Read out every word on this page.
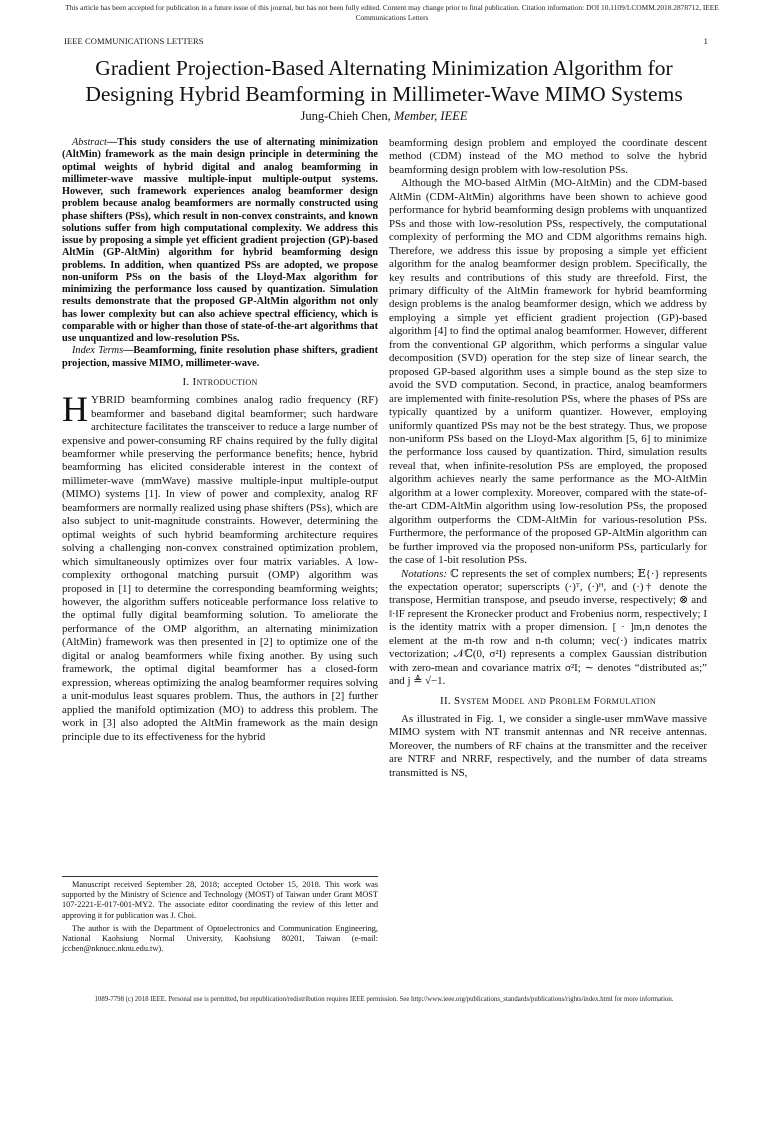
This article has been accepted for publication in a future issue of this journal, but has not been fully edited. Content may change prior to final publication. Citation information: DOI 10.1109/LCOMM.2018.2878712, IEEE Communications Letters
IEEE COMMUNICATIONS LETTERS	1
Gradient Projection-Based Alternating Minimization Algorithm for
Designing Hybrid Beamforming in Millimeter-Wave MIMO Systems
Jung-Chieh Chen, Member, IEEE

Abstract—This study considers the use of alternating minimization (AltMin) framework as the main design principle in determining the optimal weights of hybrid digital and analog beamforming in millimeter-wave massive multiple-input multiple-output systems. However, such framework experiences analog beamformer design problem because analog beamformers are normally constructed using phase shifters (PSs), which result in non-convex constraints, and known solutions suffer from high computational complexity. We address this issue by proposing a simple yet efficient gradient projection (GP)-based AltMin (GP-AltMin) algorithm for hybrid beamforming design problems. In addition, when quantized PSs are adopted, we propose non-uniform PSs on the basis of the Lloyd-Max algorithm for minimizing the performance loss caused by quantization. Simulation results demonstrate that the proposed GP-AltMin algorithm not only has lower complexity but can also achieve spectral efficiency, which is comparable with or higher than those of state-of-the-art algorithms that use unquantized and low-resolution PSs.

Index Terms—Beamforming, finite resolution phase shifters, gradient projection, massive MIMO, millimeter-wave.

I. Introduction

HYBRID beamforming combines analog radio frequency (RF) beamformer and baseband digital beamformer; such hardware architecture facilitates the transceiver to reduce a large number of expensive and power-consuming RF chains required by the fully digital beamformer while preserving the performance benefits; hence, hybrid beamforming has elicited considerable interest in the context of millimeter-wave (mmWave) massive multiple-input multiple-output (MIMO) systems [1]. In view of power and complexity, analog RF beamformers are normally realized using phase shifters (PSs), which are also subject to unit-magnitude constraints. However, determining the optimal weights of such hybrid beamforming architecture requires solving a challenging non-convex constrained optimization problem, which simultaneously optimizes over four matrix variables. A low-complexity orthogonal matching pursuit (OMP) algorithm was proposed in [1] to determine the corresponding beamforming weights; however, the algorithm suffers noticeable performance loss relative to the optimal fully digital beamforming solution. To ameliorate the performance of the OMP algorithm, an alternating minimization (AltMin) framework was then presented in [2] to optimize one of the digital or analog beamformers while fixing another. By using such framework, the optimal digital beamformer has a closed-form expression, whereas optimizing the analog beamformer requires solving a unit-modulus least squares problem. Thus, the authors in [2] further applied the manifold optimization (MO) to address this problem. The work in [3] also adopted the AltMin framework as the main design principle due to its effectiveness for the hybrid

Manuscript received September 28, 2018; accepted October 15, 2018. This work was supported by the Ministry of Science and Technology (MOST) of Taiwan under Grant MOST 107-2221-E-017-001-MY2. The associate editor coordinating the review of this letter and approving it for publication was J. Choi.

The author is with the Department of Optoelectronics and Communication Engineering, National Kaohsiung Normal University, Kaohsiung 80201, Taiwan (e-mail: jcchen@nknucc.nknu.edu.tw).

beamforming design problem and employed the coordinate descent method (CDM) instead of the MO method to solve the hybrid beamforming design problem with low-resolution PSs.

Although the MO-based AltMin (MO-AltMin) and the CDM-based AltMin (CDM-AltMin) algorithms have been shown to achieve good performance for hybrid beamforming design problems with unquantized PSs and those with low-resolution PSs, respectively, the computational complexity of performing the MO and CDM algorithms remains high. Therefore, we address this issue by proposing a simple yet efficient algorithm for the analog beamformer design problem. Specifically, the key results and contributions of this study are threefold. First, the primary difficulty of the AltMin framework for hybrid beamforming design problems is the analog beamformer design, which we address by employing a simple yet efficient gradient projection (GP)-based algorithm [4] to find the optimal analog beamformer. However, different from the conventional GP algorithm, which performs a singular value decomposition (SVD) operation for the step size of linear search, the proposed GP-based algorithm uses a simple bound as the step size to avoid the SVD computation. Second, in practice, analog beamformers are implemented with finite-resolution PSs, where the phases of PSs are typically quantized by a uniform quantizer. However, employing uniformly quantized PSs may not be the best strategy. Thus, we propose non-uniform PSs based on the Lloyd-Max algorithm [5, 6] to minimize the performance loss caused by quantization. Third, simulation results reveal that, when infinite-resolution PSs are employed, the proposed algorithm achieves nearly the same performance as the MO-AltMin algorithm at a lower complexity. Moreover, compared with the state-of-the-art CDM-AltMin algorithm using low-resolution PSs, the proposed algorithm outperforms the CDM-AltMin for various-resolution PSs. Furthermore, the performance of the proposed GP-AltMin algorithm can be further improved via the proposed non-uniform PSs, particularly for the case of 1-bit resolution PSs.

Notations: ℂ represents the set of complex numbers; 𝔼{·} represents the expectation operator; superscripts (·)ᵀ, (·)ᴴ, and (·)† denote the transpose, Hermitian transpose, and pseudo inverse, respectively; ⊗ and ‖·‖F represent the Kronecker product and Frobenius norm, respectively; I is the identity matrix with a proper dimension. [ · ]m,n denotes the element at the m-th row and n-th column; vec(·) indicates matrix vectorization; 𝒩ℂ(0, σ²I) represents a complex Gaussian distribution with zero-mean and covariance matrix σ²I; ∼ denotes “distributed as;” and j ≜ √−1.

II. System Model and Problem Formulation

As illustrated in Fig. 1, we consider a single-user mmWave massive MIMO system with NT transmit antennas and NR receive antennas. Moreover, the numbers of RF chains at the transmitter and the receiver are NTRF and NRRF, respectively, and the number of data streams transmitted is NS,

1089-7798 (c) 2018 IEEE. Personal use is permitted, but republication/redistribution requires IEEE permission. See http://www.ieee.org/publications_standards/publications/rights/index.html for more information.
